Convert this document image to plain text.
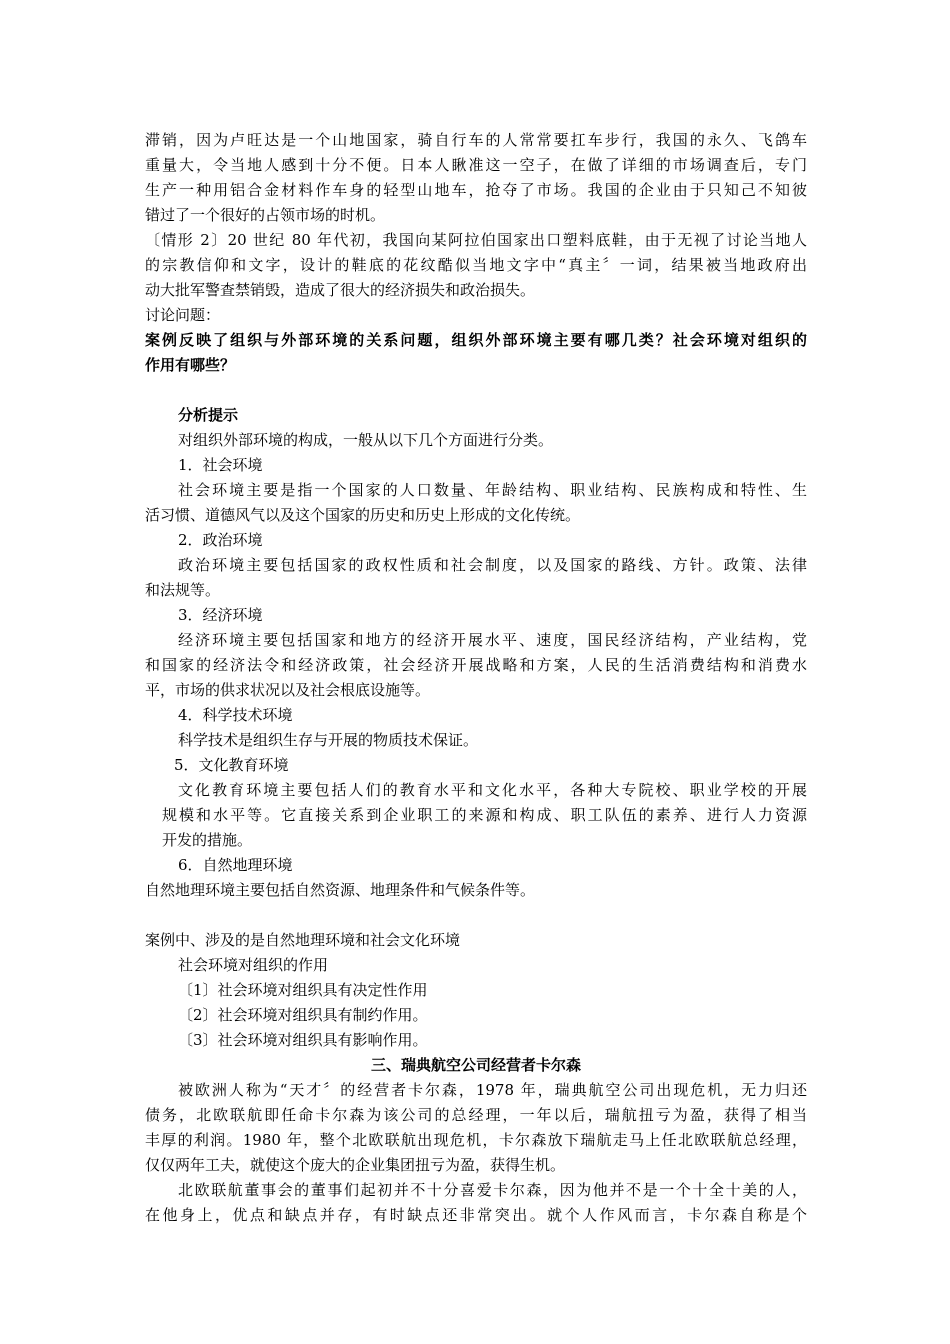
滞销，因为卢旺达是一个山地国家，骑自行车的人常常要扛车步行，我国的永久、飞鸽车
重量大，令当地人感到十分不便。日本人瞅准这一空子，在做了详细的市场调查后，专门
生产一种用铝合金材料作车身的轻型山地车，抢夺了市场。我国的企业由于只知己不知彼
错过了一个很好的占领市场的时机。
〔情形 2〕20 世纪 80 年代初，我国向某阿拉伯国家出口塑料底鞋，由于无视了讨论当地人
的宗教信仰和文字，设计的鞋底的花纹酷似当地文字中“真主〞一词，结果被当地政府出
动大批军警查禁销毁，造成了很大的经济损失和政治损失。
讨论问题：
案例反映了组织与外部环境的关系问题，组织外部环境主要有哪几类？社会环境对组织的
作用有哪些？
分析提示
对组织外部环境的构成，一般从以下几个方面进行分类。
1．社会环境
社会环境主要是指一个国家的人口数量、年龄结构、职业结构、民族构成和特性、生
活习惯、道德风气以及这个国家的历史和历史上形成的文化传统。
2．政治环境
政治环境主要包括国家的政权性质和社会制度，以及国家的路线、方针。政策、法律
和法规等。
3．经济环境
经济环境主要包括国家和地方的经济开展水平、速度，国民经济结构，产业结构，党
和国家的经济法令和经济政策，社会经济开展战略和方案，人民的生活消费结构和消费水
平，市场的供求状况以及社会根底设施等。
4．科学技术环境
科学技术是组织生存与开展的物质技术保证。
5．文化教育环境
文化教育环境主要包括人们的教育水平和文化水平，各种大专院校、职业学校的开展
规模和水平等。它直接关系到企业职工的来源和构成、职工队伍的素养、进行人力资源
开发的措施。
6．自然地理环境
自然地理环境主要包括自然资源、地理条件和气候条件等。
案例中、涉及的是自然地理环境和社会文化环境
社会环境对组织的作用
〔1〕社会环境对组织具有决定性作用
〔2〕社会环境对组织具有制约作用。
〔3〕社会环境对组织具有影响作用。
三、瑞典航空公司经营者卡尔森
被欧洲人称为“天才〞的经营者卡尔森，1978 年，瑞典航空公司出现危机，无力归还
债务，北欧联航即任命卡尔森为该公司的总经理，一年以后，瑞航扭亏为盈，获得了相当
丰厚的利润。1980 年，整个北欧联航出现危机，卡尔森放下瑞航走马上任北欧联航总经理，
仅仅两年工夫，就使这个庞大的企业集团扭亏为盈，获得生机。
北欧联航董事会的董事们起初并不十分喜爱卡尔森，因为他并不是一个十全十美的人，
在他身上，优点和缺点并存，有时缺点还非常突出。就个人作风而言，卡尔森自称是个
